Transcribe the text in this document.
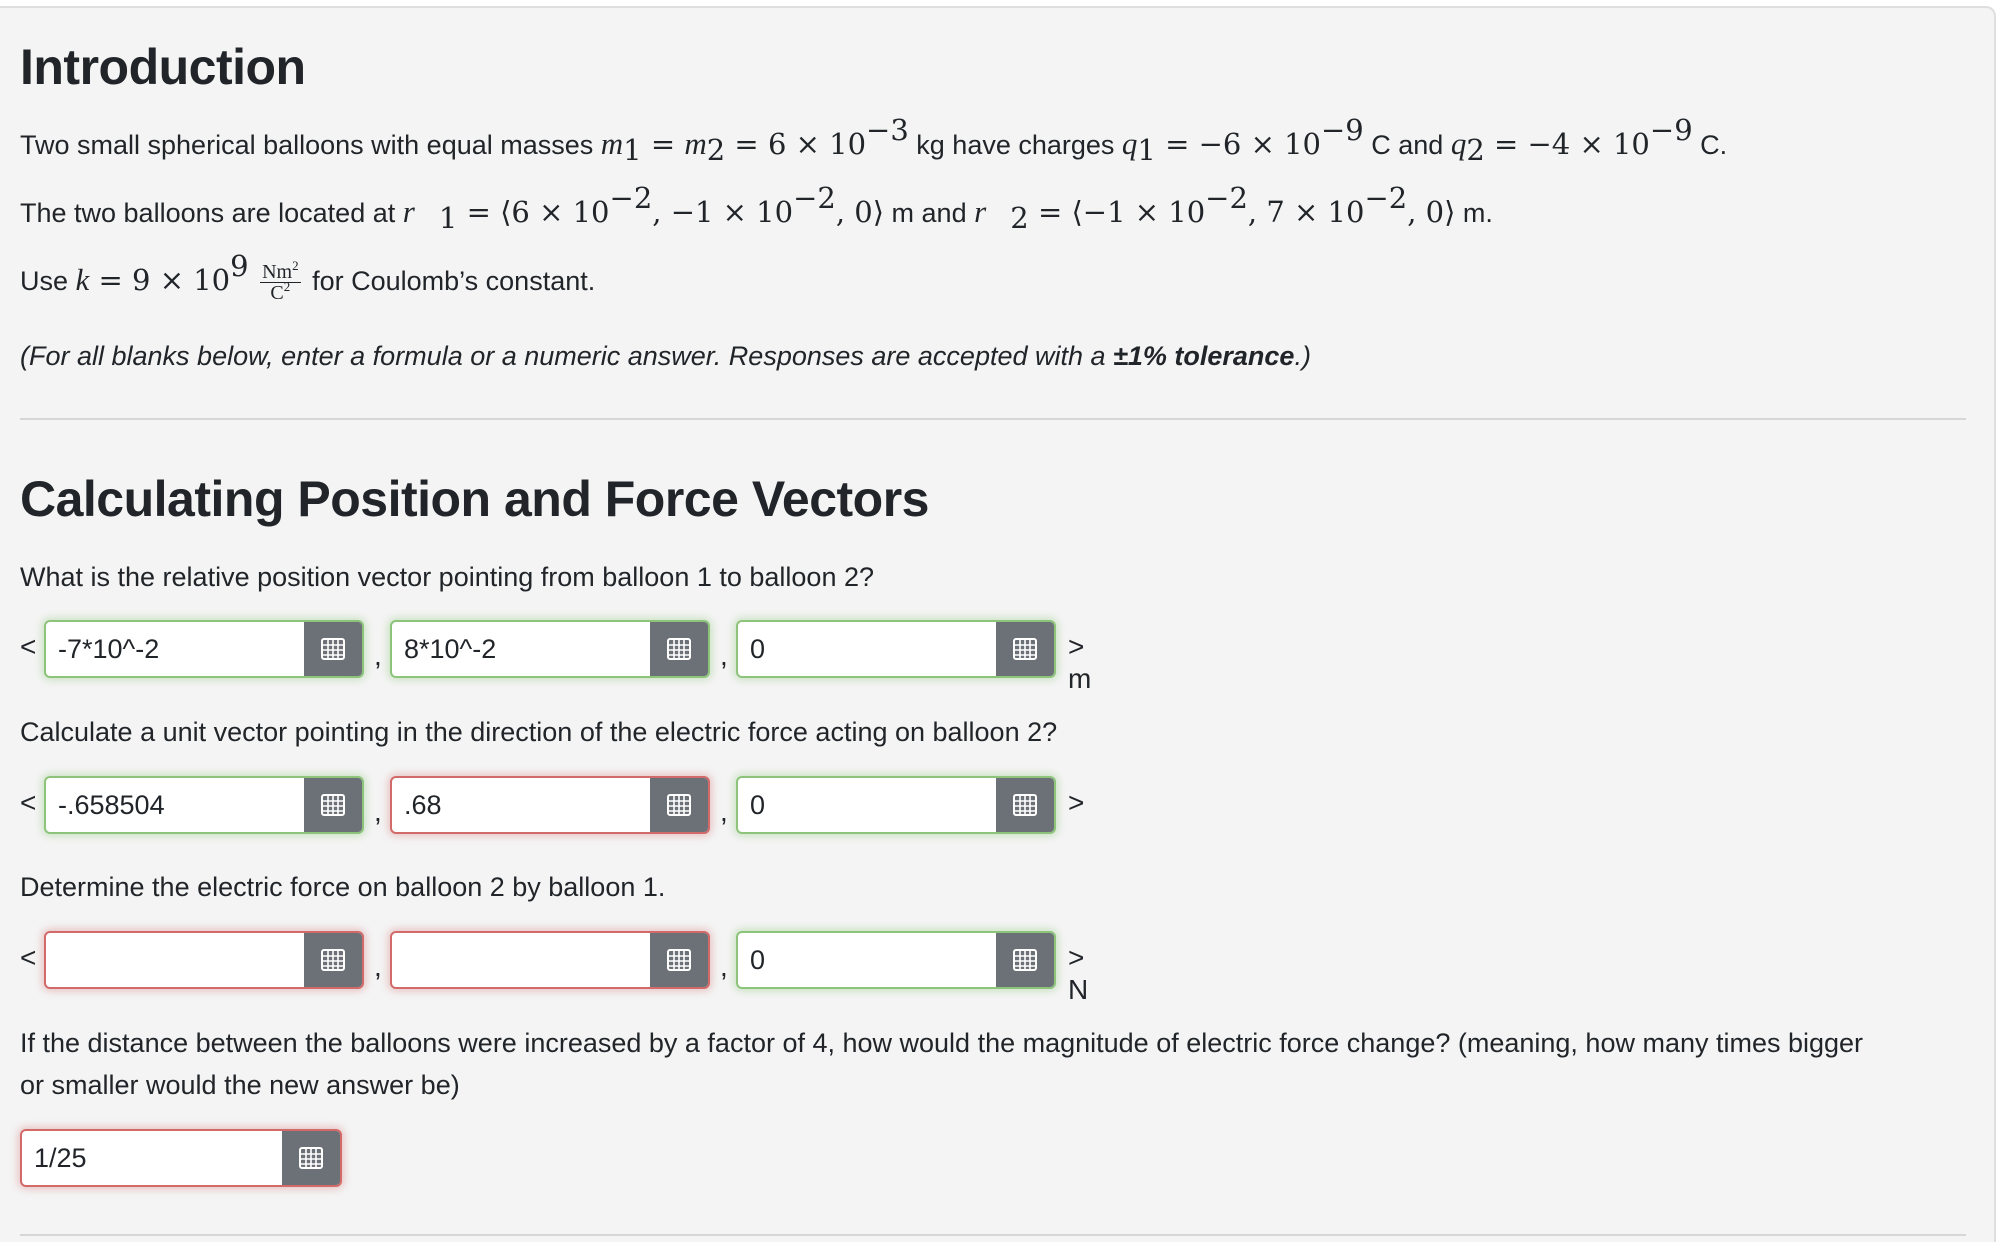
Introduction
Two small spherical balloons with equal masses $m_1 = m_2 = 6 \times 10^{-3}$ kg have charges $q_1 = -6 \times 10^{-9}$ C and $q_2 = -4 \times 10^{-9}$ C.
The two balloons are located at $r⃗_1$ = ⟨6 × $10^{-2}$, $-1 \times 10^{-2}$, 0⟩ m and $r⃗_2$ = ⟨−1 × $10^{-2}$, $7 \times 10^{-2}$, 0⟩ m.
Use $k = 9 \times 10^9 \frac{Nm^2}{C^2}$ for Coulomb’s constant.
(For all blanks below, enter a formula or a numeric answer. Responses are accepted with a ±1% tolerance.)
Calculating Position and Force Vectors
What is the relative position vector pointing from balloon 1 to balloon 2?
< -7*10^-2	, 8*10^-2	, 0	> m
Calculate a unit vector pointing in the direction of the electric force acting on balloon 2?
< -.658504	, .68	, 0	>
Determine the electric force on balloon 2 by balloon 1.
<	,	, 0	> N
If the distance between the balloons were increased by a factor of 4, how would the magnitude of electric force change? (meaning, how many times bigger
or smaller would the new answer be)
1/25
